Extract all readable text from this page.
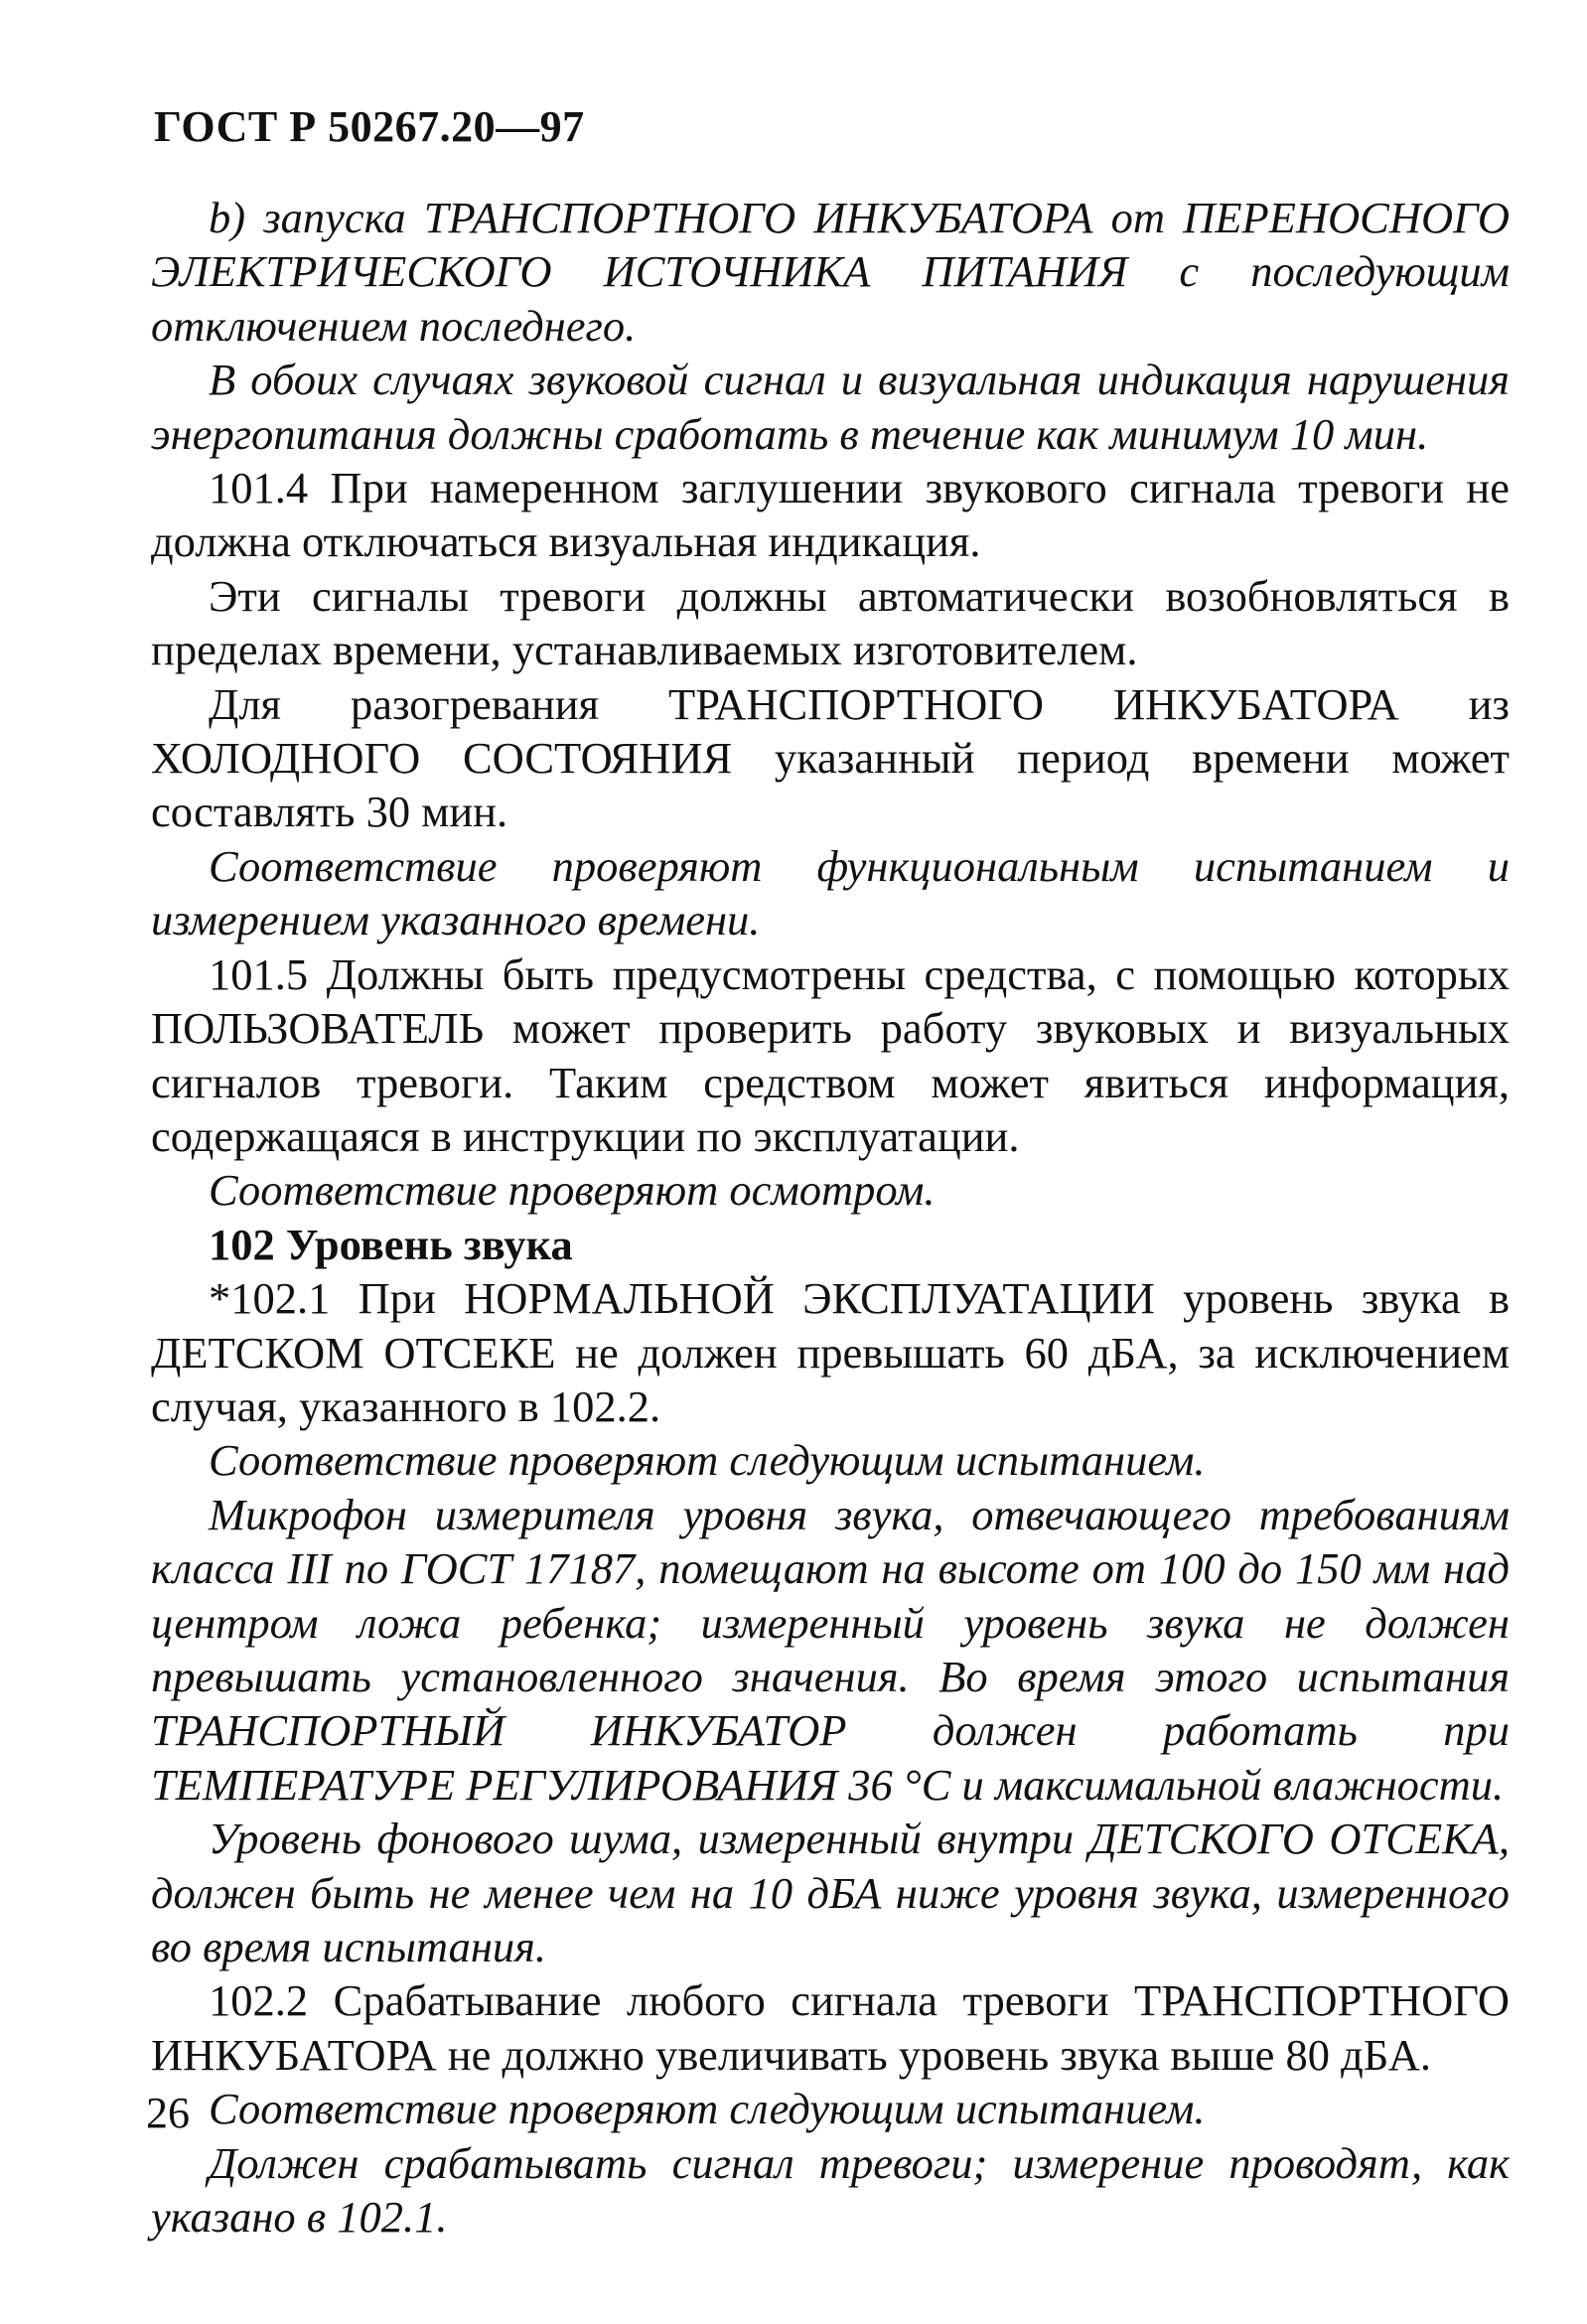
ГОСТ Р 50267.20—97

b) запуска ТРАНСПОРТНОГО ИНКУБАТОРА от ПЕРЕНОСНОГО ЭЛЕКТРИЧЕСКОГО ИСТОЧНИКА ПИТАНИЯ с последующим отключением последнего.

В обоих случаях звуковой сигнал и визуальная индикация нарушения энергопитания должны сработать в течение как минимум 10 мин.

101.4 При намеренном заглушении звукового сигнала тревоги не должна отключаться визуальная индикация.

Эти сигналы тревоги должны автоматически возобновляться в пределах времени, устанавливаемых изготовителем.

Для разогревания ТРАНСПОРТНОГО ИНКУБАТОРА из ХОЛОДНОГО СОСТОЯНИЯ указанный период времени может составлять 30 мин.

Соответствие проверяют функциональным испытанием и измерением указанного времени.

101.5 Должны быть предусмотрены средства, с помощью которых ПОЛЬЗОВАТЕЛЬ может проверить работу звуковых и визуальных сигналов тревоги. Таким средством может явиться информация, содержащаяся в инструкции по эксплуатации.

Соответствие проверяют осмотром.

102 Уровень звука

*102.1 При НОРМАЛЬНОЙ ЭКСПЛУАТАЦИИ уровень звука в ДЕТСКОМ ОТСЕКЕ не должен превышать 60 дБА, за исключением случая, указанного в 102.2.

Соответствие проверяют следующим испытанием.

Микрофон измерителя уровня звука, отвечающего требованиям класса III по ГОСТ 17187, помещают на высоте от 100 до 150 мм над центром ложа ребенка; измеренный уровень звука не должен превышать установленного значения. Во время этого испытания ТРАНСПОРТНЫЙ ИНКУБАТОР должен работать при ТЕМПЕРАТУРЕ РЕГУЛИРОВАНИЯ 36 °С и максимальной влажности.

Уровень фонового шума, измеренный внутри ДЕТСКОГО ОТСЕКА, должен быть не менее чем на 10 дБА ниже уровня звука, измеренного во время испытания.

102.2 Срабатывание любого сигнала тревоги ТРАНСПОРТНОГО ИНКУБАТОРА не должно увеличивать уровень звука выше 80 дБА.

Соответствие проверяют следующим испытанием.

Должен срабатывать сигнал тревоги; измерение проводят, как указано в 102.1.

26
